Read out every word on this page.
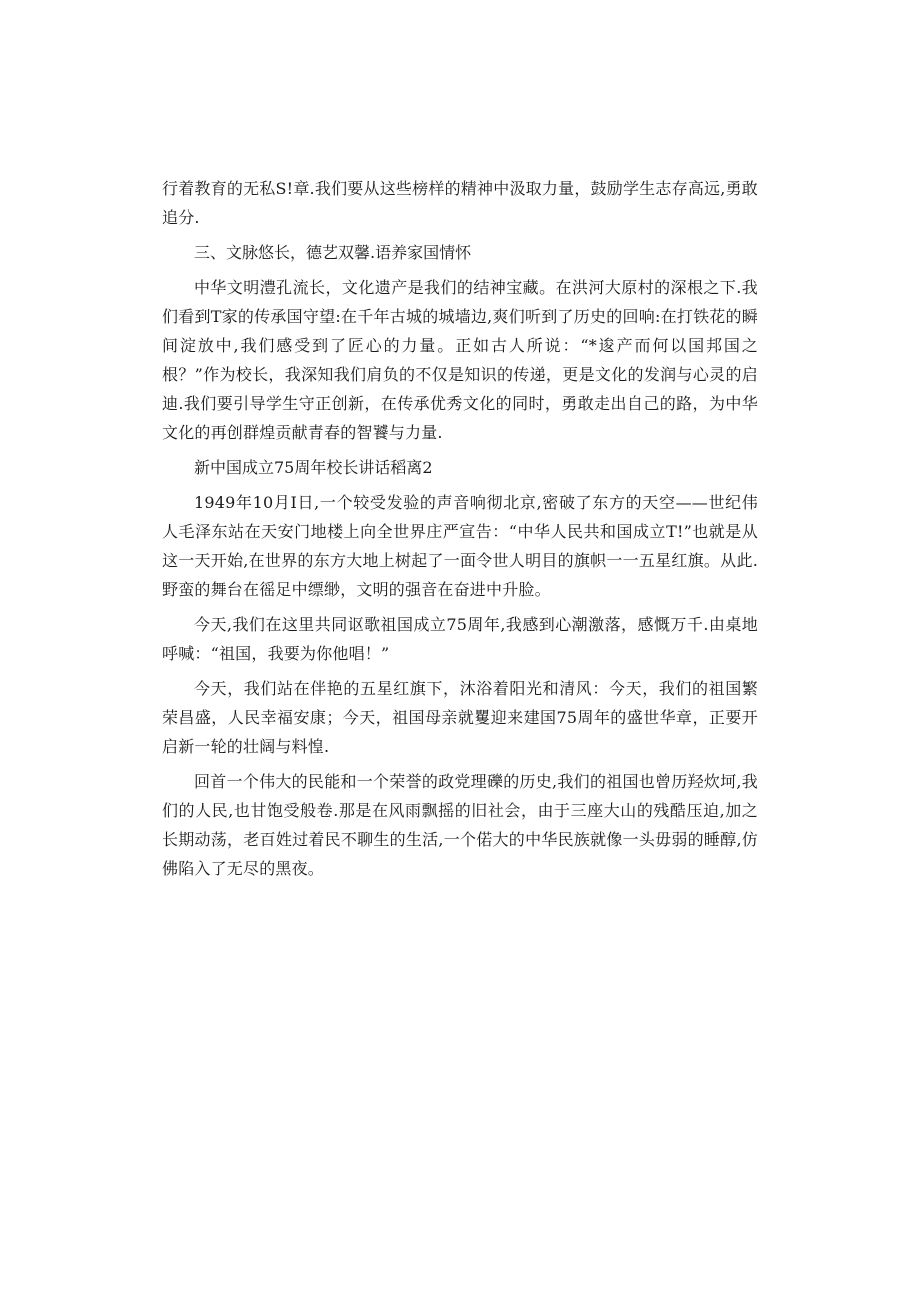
行着教育的无私S!章.我们要从这些榜样的精神中汲取力量，鼓励学生志存高远,勇敢追分.

三、文脉悠长，德艺双馨.语养家国情怀

中华文明澧孔流长，文化遗产是我们的结神宝藏。在洪河大原村的深根之下.我们看到T家的传承国守望:在千年古城的城墙边,爽们听到了历史的回响:在打铁花的瞬间淀放中,我们感受到了匠心的力量。正如古人所说：“*逡产而何以国邦国之根？”作为校长，我深知我们肩负的不仅是知识的传递，更是文化的发润与心灵的启迪.我们要引导学生守正创新，在传承优秀文化的同时，勇敢走出自己的路，为中华文化的再创群煌贡献青春的智饕与力量.

新中国成立75周年校长讲话稻离2

1949年10月I日,一个较受发验的声音响彻北京,密破了东方的天空——世纪伟人毛泽东站在天安门地楼上向全世界庄严宣告：“中华人民共和国成立T!”也就是从这一天开始,在世界的东方大地上树起了一面令世人明目的旗帜一一五星红旗。从此.野蛮的舞台在徭足中缥缈，文明的强音在奋进中升脸。

今天,我们在这里共同讴歌祖国成立75周年,我感到心潮激落，感慨万千.由桌地呼喊：“祖国，我要为你他唱！”

今天，我们站在伴艳的五星红旗下，沐浴着阳光和清风：今天，我们的祖国繁荣昌盛，人民幸福安康；今天，祖国母亲就矍迎来建国75周年的盛世华章，正要开启新一轮的壮阔与料惶.

回首一个伟大的民能和一个荣誉的政党理礫的历史,我们的祖国也曾历羟炊坷,我们的人民,也甘饱受般卷.那是在风雨飘摇的旧社会，由于三座大山的残酷压迫,加之长期动荡，老百姓过着民不聊生的生活,一个偌大的中华民族就像一头毋弱的睡醇,仿佛陷入了无尽的黑夜。
